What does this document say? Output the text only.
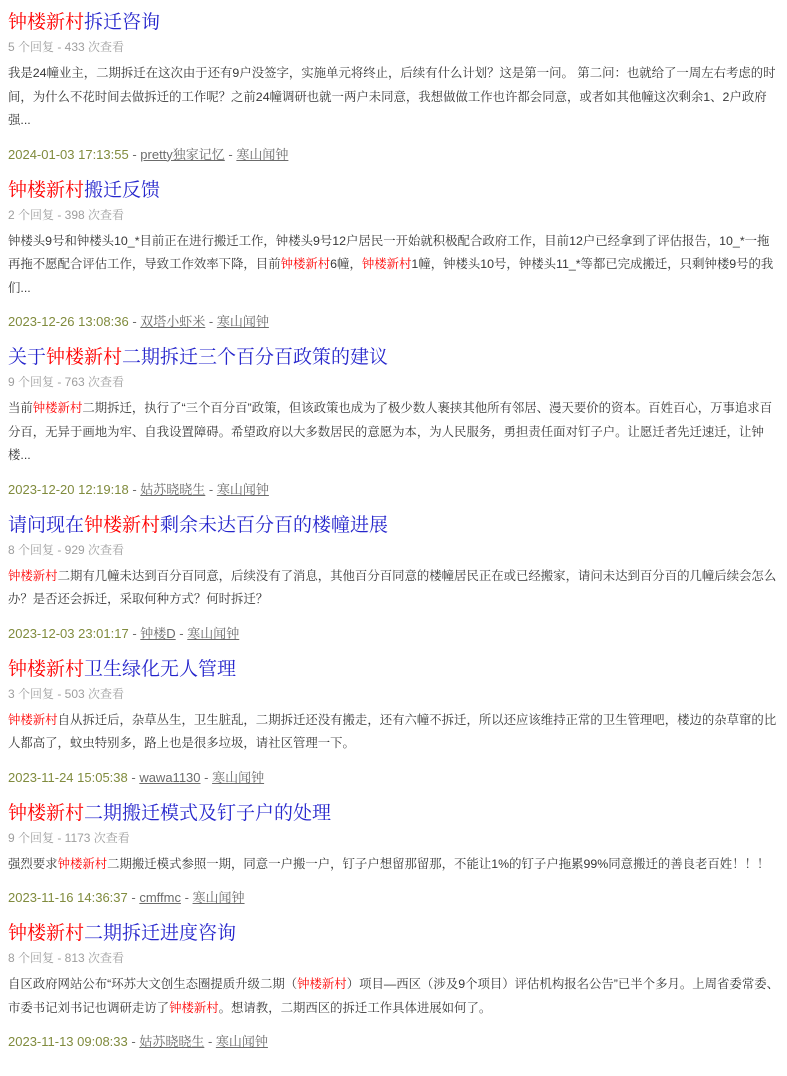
钟楼新村拆迁咨询

5 个回复 - 433 次查看

我是24幢业主，二期拆迁在这次由于还有9户没签字，实施单元将终止，后续有什么计划？这是第一问。 第二问：也就给了一周左右考虑的时间，为什么不花时间去做拆迁的工作呢？之前24幢调研也就一两户未同意，我想做做工作也许都会同意，或者如其他幢这次剩余1、2户政府强...

2024-01-03 17:13:55 - pretty独家记忆 - 寒山闻钟

钟楼新村搬迁反馈

2 个回复 - 398 次查看

钟楼头9号和钟楼头10_*目前正在进行搬迁工作，钟楼头9号12户居民一开始就积极配合政府工作，目前12户已经拿到了评估报告，10_*一拖再拖不愿配合评估工作，导致工作效率下降，目前钟楼新村6幢，钟楼新村1幢，钟楼头10号，钟楼头11_*等都已完成搬迁，只剩钟楼9号的我们...

2023-12-26 13:08:36 - 双塔小虾米 - 寒山闻钟

关于钟楼新村二期拆迁三个百分百政策的建议

9 个回复 - 763 次查看

当前钟楼新村二期拆迁，执行了“三个百分百”政策，但该政策也成为了极少数人裹挟其他所有邻居、漫天要价的资本。百姓百心，万事追求百分百，无异于画地为牢、自我设置障碍。希望政府以大多数居民的意愿为本，为人民服务，勇担责任面对钉子户。让愿迁者先迁速迁，让钟楼...

2023-12-20 12:19:18 - 姑苏晓晓生 - 寒山闻钟

请问现在钟楼新村剩余未达百分百的楼幢进展

8 个回复 - 929 次查看

钟楼新村二期有几幢未达到百分百同意，后续没有了消息，其他百分百同意的楼幢居民正在或已经搬家，请问未达到百分百的几幢后续会怎么办？是否还会拆迁，采取何种方式？何时拆迁？

2023-12-03 23:01:17 - 钟楼D - 寒山闻钟

钟楼新村卫生绿化无人管理

3 个回复 - 503 次查看

钟楼新村自从拆迁后，杂草丛生，卫生脏乱，二期拆迁还没有搬走，还有六幢不拆迁，所以还应该维持正常的卫生管理吧，楼边的杂草窜的比人都高了，蚊虫特别多，路上也是很多垃圾，请社区管理一下。

2023-11-24 15:05:38 - wawa1130 - 寒山闻钟

钟楼新村二期搬迁模式及钉子户的处理

9 个回复 - 1173 次查看

强烈要求钟楼新村二期搬迁模式参照一期，同意一户搬一户，钉子户想留那留那，不能让1%的钉子户拖累99%同意搬迁的善良老百姓！！！

2023-11-16 14:36:37 - cmffmc - 寒山闻钟

钟楼新村二期拆迁进度咨询

8 个回复 - 813 次查看

自区政府网站公布“环苏大文创生态圈提质升级二期（钟楼新村）项目—西区（涉及9个项目）评估机构报名公告”已半个多月。上周省委常委、市委书记刘书记也调研走访了钟楼新村。想请教，二期西区的拆迁工作具体进展如何了。

2023-11-13 09:08:33 - 姑苏晓晓生 - 寒山闻钟
